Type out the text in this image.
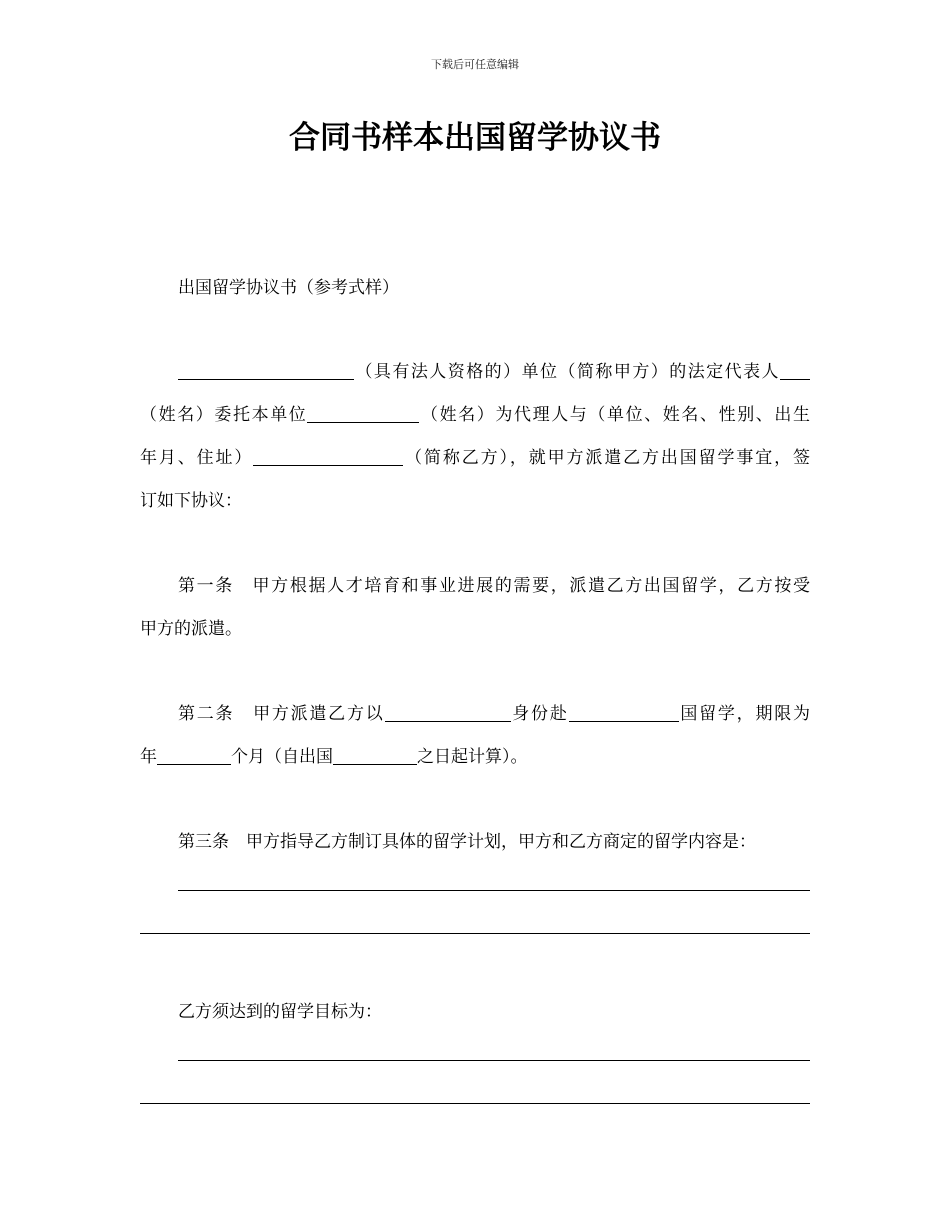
下载后可任意编辑
合同书样本出国留学协议书
出国留学协议书（参考式样）
（具有法人资格的）单位（简称甲方）的法定代表人
（姓名）委托本单位	（姓名）为代理人与（单位、姓名、性别、出生
年月、住址）	（简称乙方），就甲方派遣乙方出国留学事宜，签
订如下协议：
第一条　甲方根据人才培育和事业进展的需要，派遣乙方出国留学，乙方按受
甲方的派遣。
第二条　甲方派遣乙方以	身份赴	国留学，期限为
年	个月（自出国	之日起计算）。
第三条　甲方指导乙方制订具体的留学计划，甲方和乙方商定的留学内容是：
乙方须达到的留学目标为：
